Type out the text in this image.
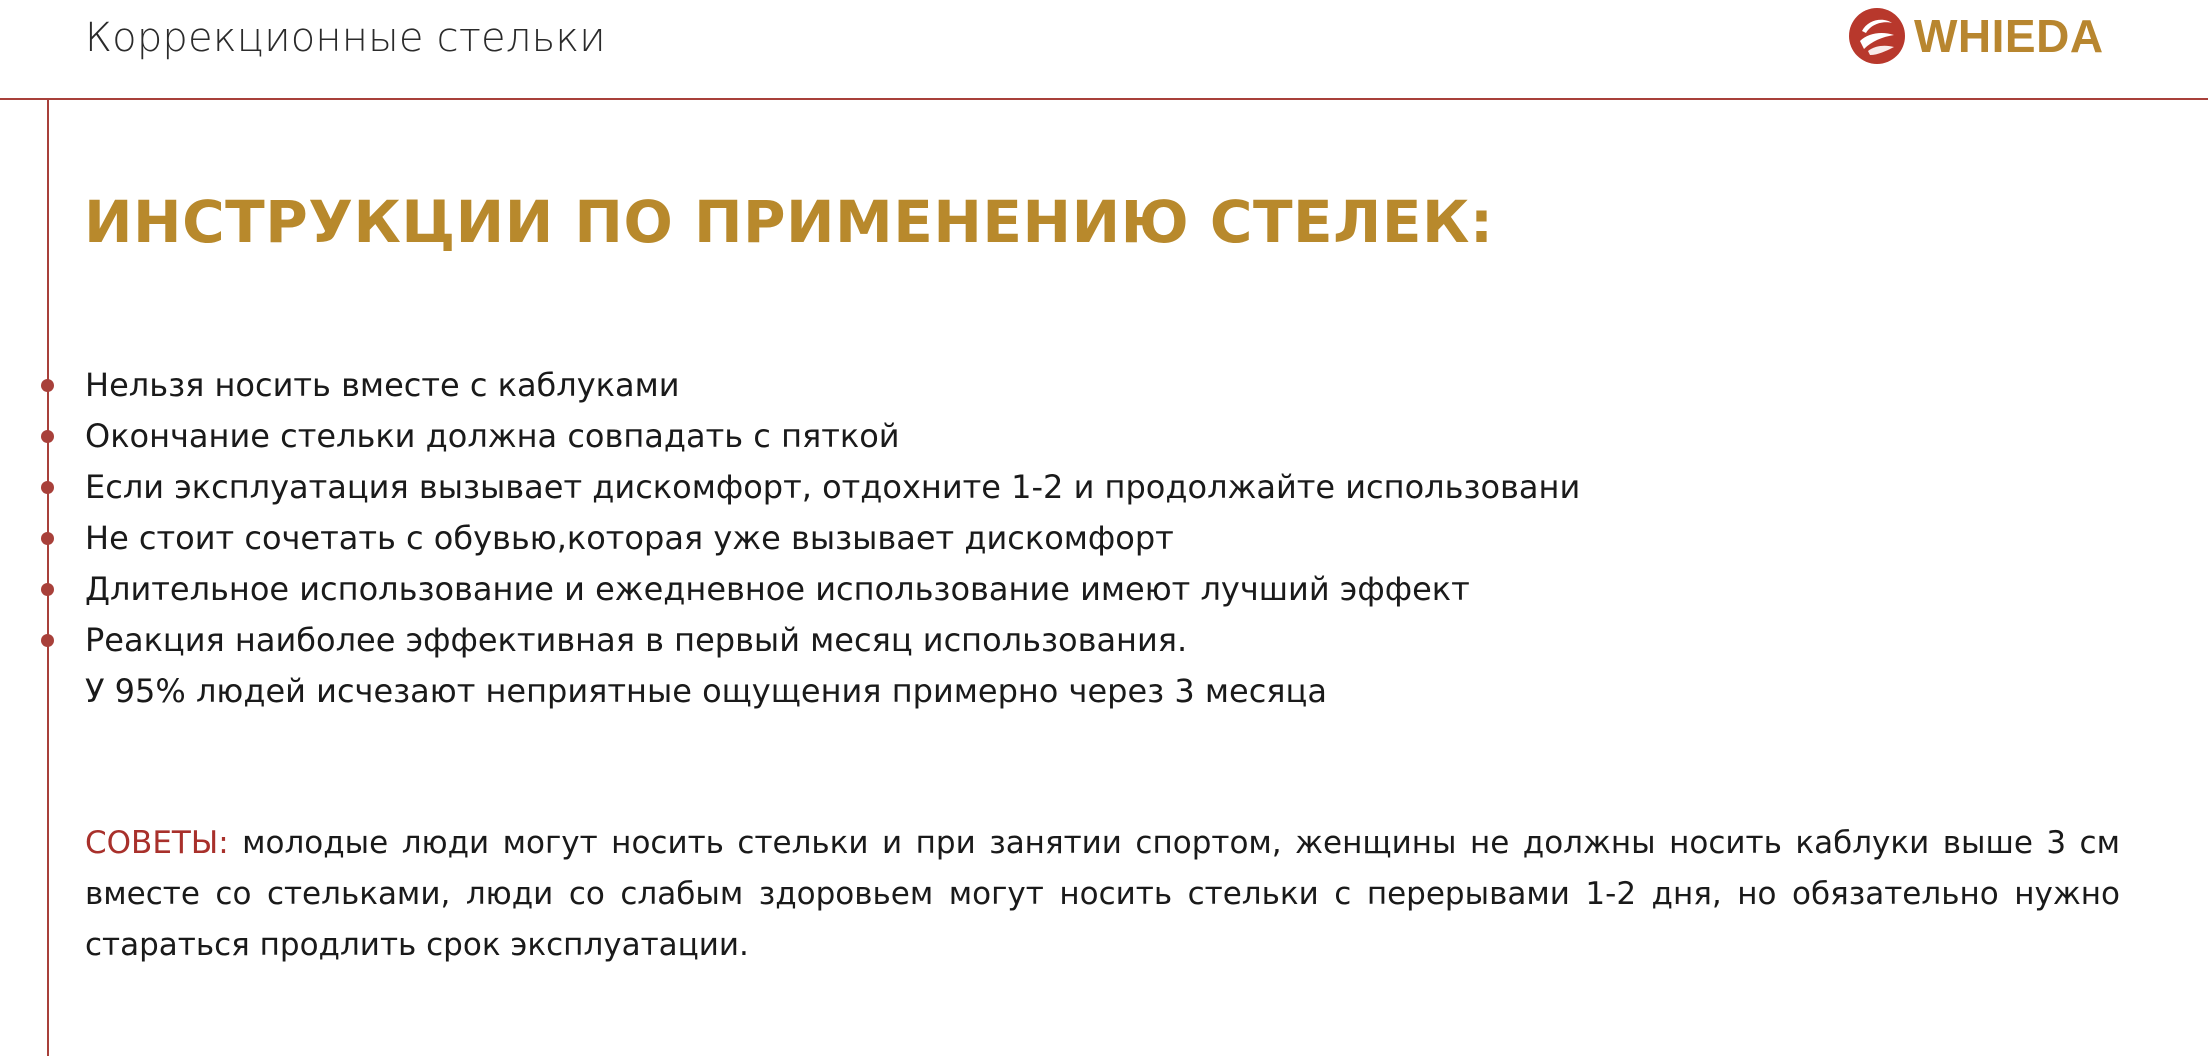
Коррекционные стельки	WHIEDA
ИНСТРУКЦИИ ПО ПРИМЕНЕНИЮ СТЕЛЕК:
Нельзя носить вместе с каблуками
Окончание стельки должна совпадать с пяткой
Если эксплуатация вызывает дискомфорт, отдохните 1-2 и продолжайте использовани
Не стоит сочетать с обувью,которая уже вызывает дискомфорт
Длительное использование и ежедневное использование имеют лучший эффект
Реакция наиболее эффективная в первый месяц использования.
У 95% людей исчезают неприятные ощущения примерно через 3 месяца
СОВЕТЫ: молодые люди могут носить стельки и при занятии спортом, женщины не должны носить каблуки выше 3 см вместе со стельками, люди со слабым здоровьем могут носить стельки с перерывами 1-2 дня, но обязательно нужно стараться продлить срок эксплуатации.
